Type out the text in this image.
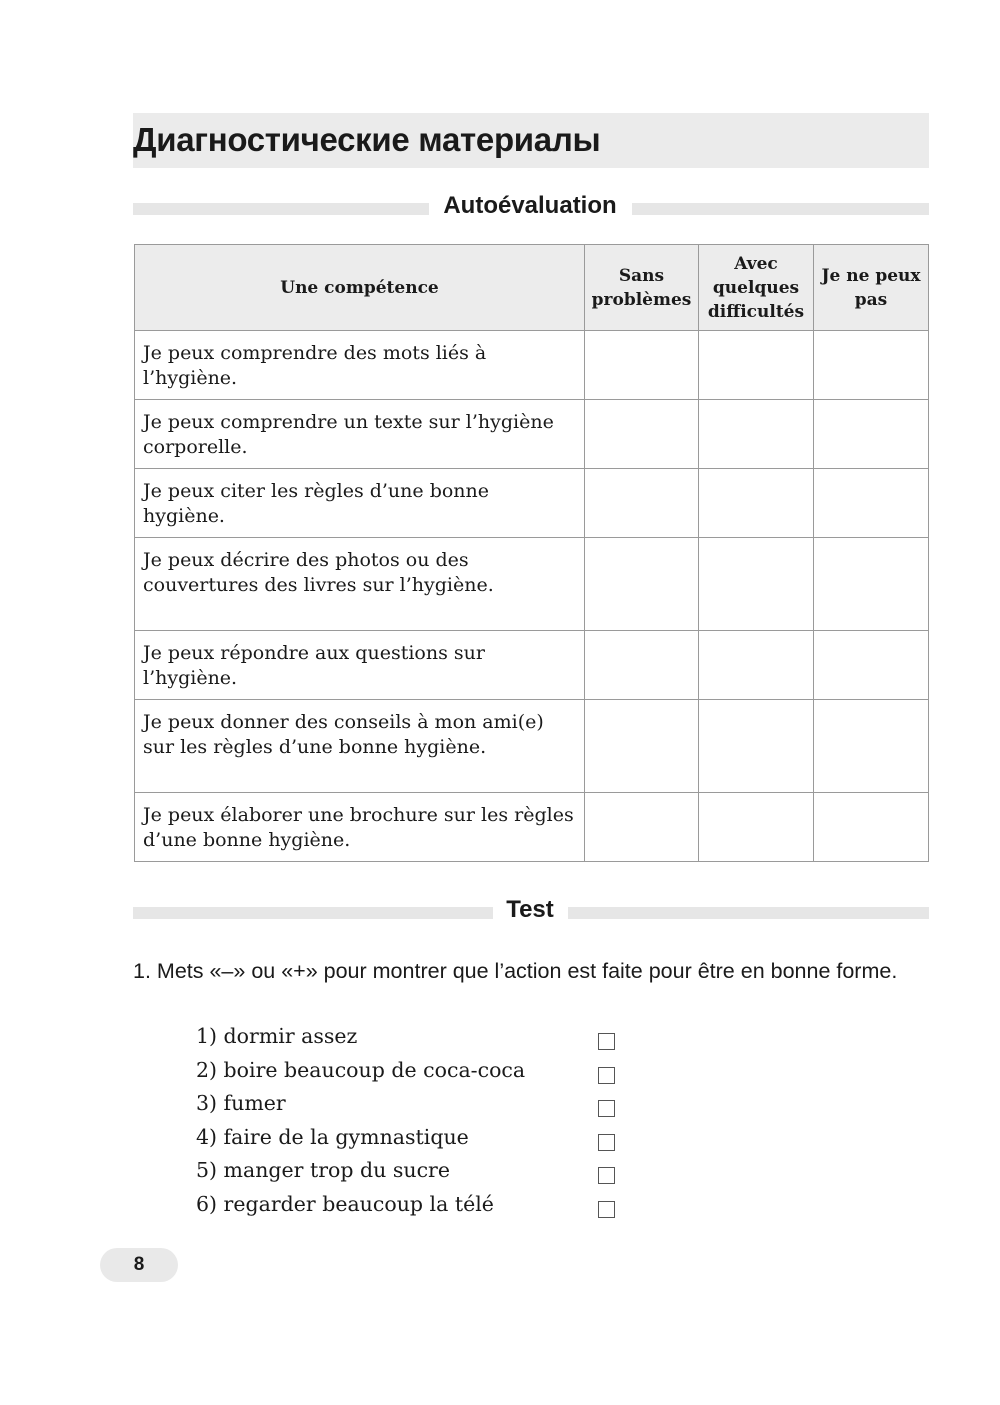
Диагностические материалы
Autoévaluation
Une compétence	Sans problèmes	Avec quelques difficultés	Je ne peux pas
Je peux comprendre des mots liés à l’hygiène.			
Je peux comprendre un texte sur l’hygiène corporelle.			
Je peux citer les règles d’une bonne hygiène.			
Je peux décrire des photos ou des couvertures des livres sur l’hygiène.			
Je peux répondre aux questions sur l’hygiène.			
Je peux donner des conseils à mon ami(e) sur les règles d’une bonne hygiène.			
Je peux élaborer une brochure sur les règles d’une bonne hygiène.			
Test
1. Mets «–» ou «+» pour montrer que l’action est faite pour être en bonne forme.
1) dormir assez
2) boire beaucoup de coca-coca
3) fumer
4) faire de la gymnastique
5) manger trop du sucre
6) regarder beaucoup la télé
8
